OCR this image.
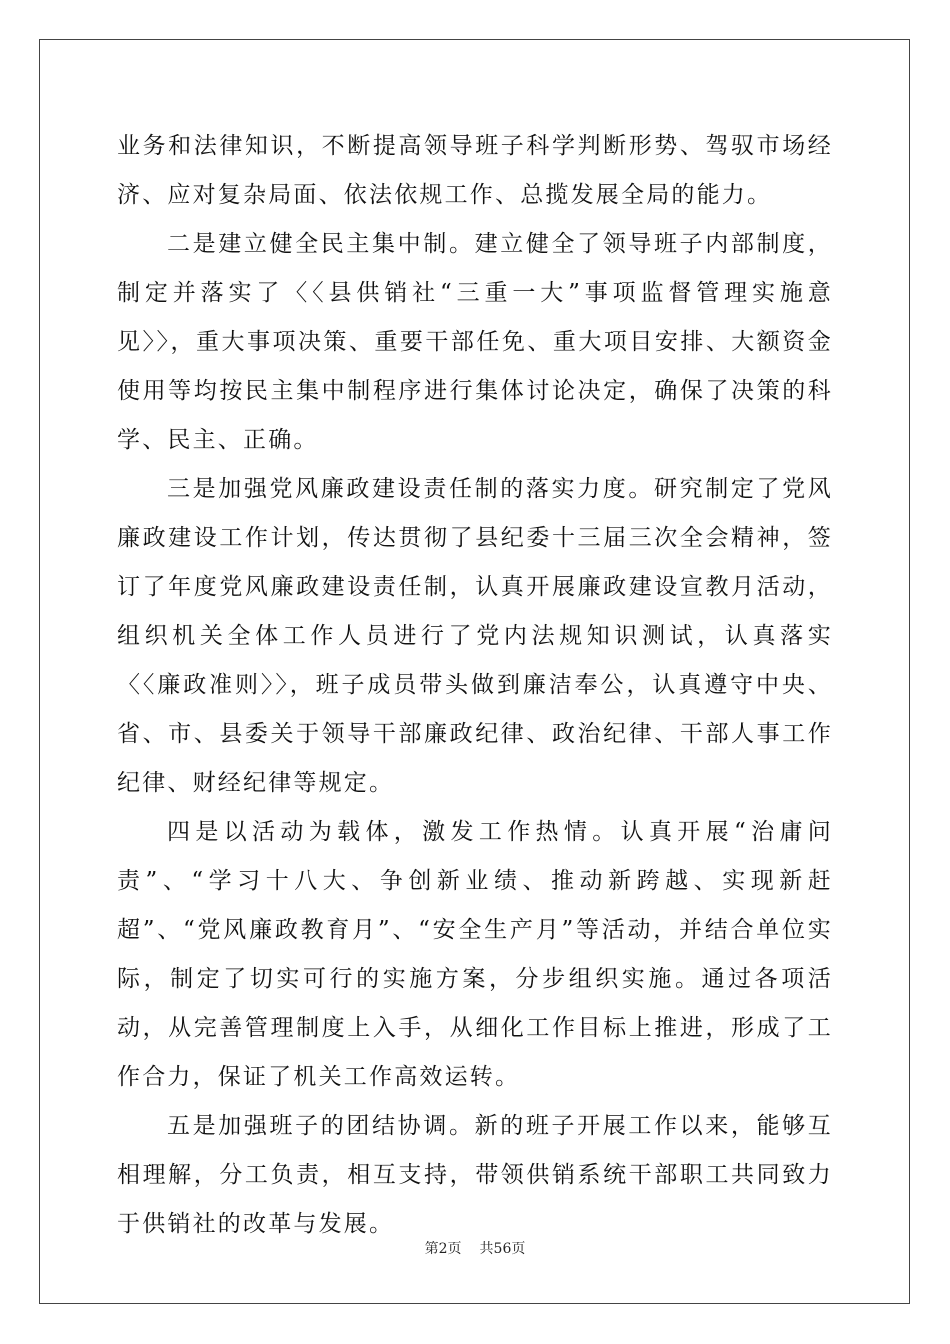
业务和法律知识，不断提高领导班子科学判断形势、驾驭市场经济、应对复杂局面、依法依规工作、总揽发展全局的能力。

二是建立健全民主集中制。建立健全了领导班子内部制度，制定并落实了〈〈县供销社“三重一大”事项监督管理实施意见〉〉，重大事项决策、重要干部任免、重大项目安排、大额资金使用等均按民主集中制程序进行集体讨论决定，确保了决策的科学、民主、正确。

三是加强党风廉政建设责任制的落实力度。研究制定了党风廉政建设工作计划，传达贯彻了县纪委十三届三次全会精神，签订了年度党风廉政建设责任制，认真开展廉政建设宣教月活动，组织机关全体工作人员进行了党内法规知识测试，认真落实〈〈廉政准则〉〉，班子成员带头做到廉洁奉公，认真遵守中央、省、市、县委关于领导干部廉政纪律、政治纪律、干部人事工作纪律、财经纪律等规定。

四是以活动为载体，激发工作热情。认真开展“治庸问责”、“学习十八大、争创新业绩、推动新跨越、实现新赶超”、“党风廉政教育月”、“安全生产月”等活动，并结合单位实际，制定了切实可行的实施方案，分步组织实施。通过各项活动，从完善管理制度上入手，从细化工作目标上推进，形成了工作合力，保证了机关工作高效运转。

五是加强班子的团结协调。新的班子开展工作以来，能够互相理解，分工负责，相互支持，带领供销系统干部职工共同致力于供销社的改革与发展。

第2页 共56页
